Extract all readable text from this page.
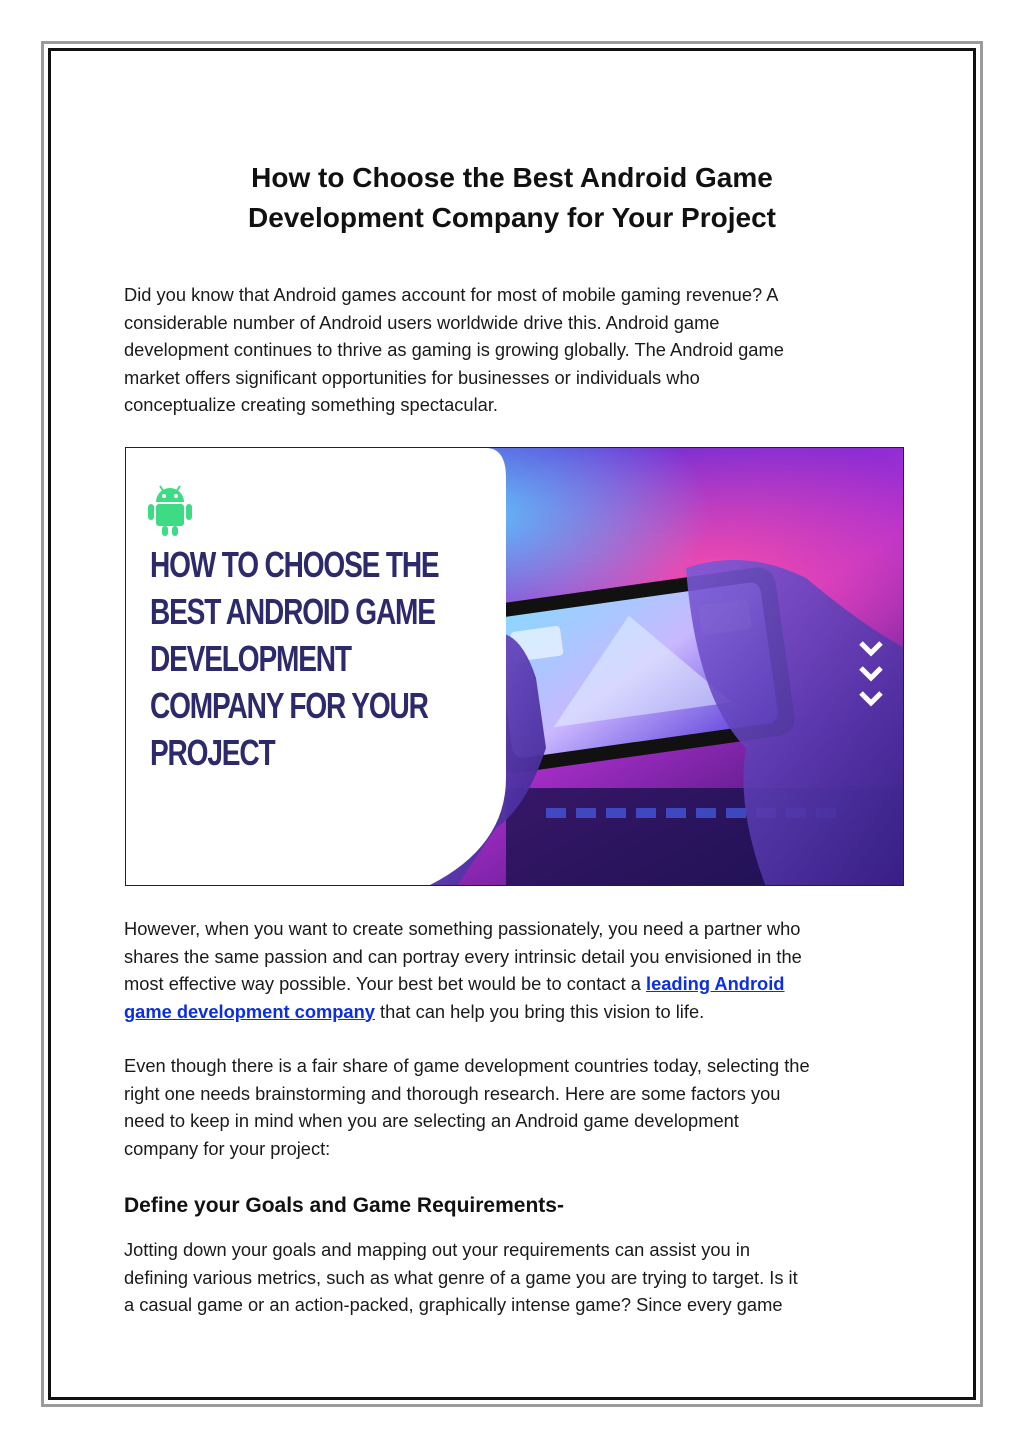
How to Choose the Best Android Game
Development Company for Your Project
Did you know that Android games account for most of mobile gaming revenue? A
considerable number of Android users worldwide drive this. Android game
development continues to thrive as gaming is growing globally. The Android game
market offers significant opportunities for businesses or individuals who
conceptualize creating something spectacular.
HOW TO CHOOSE THE
BEST ANDROID GAME
DEVELOPMENT
COMPANY FOR YOUR
PROJECT
However, when you want to create something passionately, you need a partner who
shares the same passion and can portray every intrinsic detail you envisioned in the
most effective way possible. Your best bet would be to contact a leading Android
game development company that can help you bring this vision to life.
Even though there is a fair share of game development countries today, selecting the
right one needs brainstorming and thorough research. Here are some factors you
need to keep in mind when you are selecting an Android game development
company for your project:
Define your Goals and Game Requirements-
Jotting down your goals and mapping out your requirements can assist you in
defining various metrics, such as what genre of a game you are trying to target. Is it
a casual game or an action-packed, graphically intense game? Since every game
